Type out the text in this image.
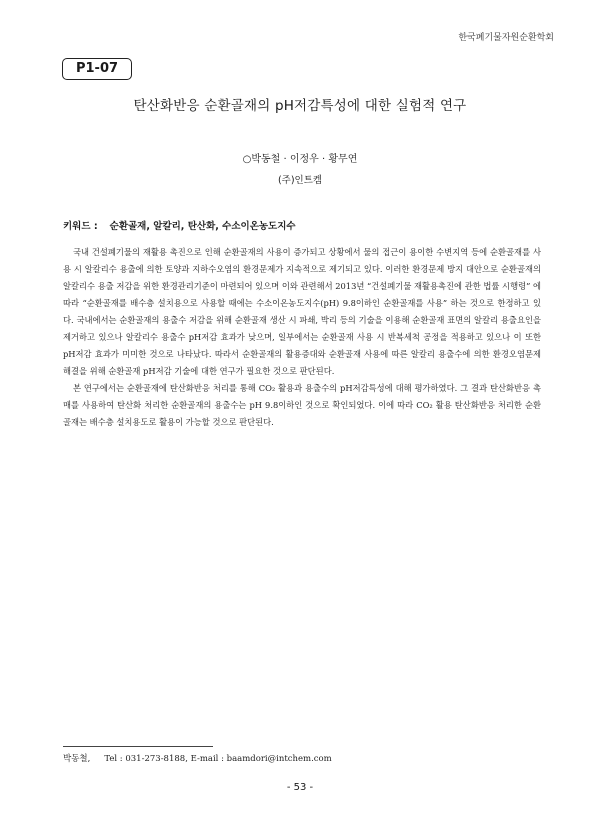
한국폐기물자원순환학회
P1-07
탄산화반응 순환골재의 pH저감특성에 대한 실험적 연구
○박동철 · 이정우 · 황무연
(주)인트켐
키워드 : 순환골재, 알칼리, 탄산화, 수소이온농도지수

국내 건설폐기물의 재활용 촉진으로 인해 순환골재의 사용이 증가되고 상황에서 물의 접근이 용이한 수변지역 등에 순환골재를 사용 시 알칼리수 용출에 의한 토양과 지하수오염의 환경문제가 지속적으로 제기되고 있다. 이러한 환경문제 방지 대안으로 순환골재의 알칼리수 용출 저감을 위한 환경관리기준이 마련되어 있으며 이와 관련해서 2013년 “건설폐기물 재활용촉진에 관한 법률 시행령” 에 따라 “순환골재를 배수층 설치용으로 사용할 때에는 수소이온농도지수(pH) 9.8이하인 순환골재를 사용” 하는 것으로 한정하고 있다. 국내에서는 순환골재의 용출수 저감을 위해 순환골재 생산 시 파쇄, 박리 등의 기술을 이용해 순환골재 표면의 알칼리 용출요인을 제거하고 있으나 알칼리수 용출수 pH저감 효과가 낮으며, 일부에서는 순환골재 사용 시 반복세척 공정을 적용하고 있으나 이 또한 pH저감 효과가 미미한 것으로 나타났다. 따라서 순환골재의 활용증대와 순환골재 사용에 따른 알칼리 용출수에 의한 환경오염문제 해결을 위해 순환골재 pH저감 기술에 대한 연구가 필요한 것으로 판단된다.

본 연구에서는 순환골재에 탄산화반응 처리를 통해 CO₂ 활용과 용출수의 pH저감특성에 대해 평가하였다. 그 결과 탄산화반응 촉매를 사용하여 탄산화 처리한 순환골재의 용출수는 pH 9.8이하인 것으로 확인되었다. 이에 따라 CO₂ 활용 탄산화반응 처리한 순환골재는 배수층 설치용도로 활용이 가능할 것으로 판단된다.

박동철, Tel : 031-273-8188, E-mail : baamdori@intchem.com
- 53 -
